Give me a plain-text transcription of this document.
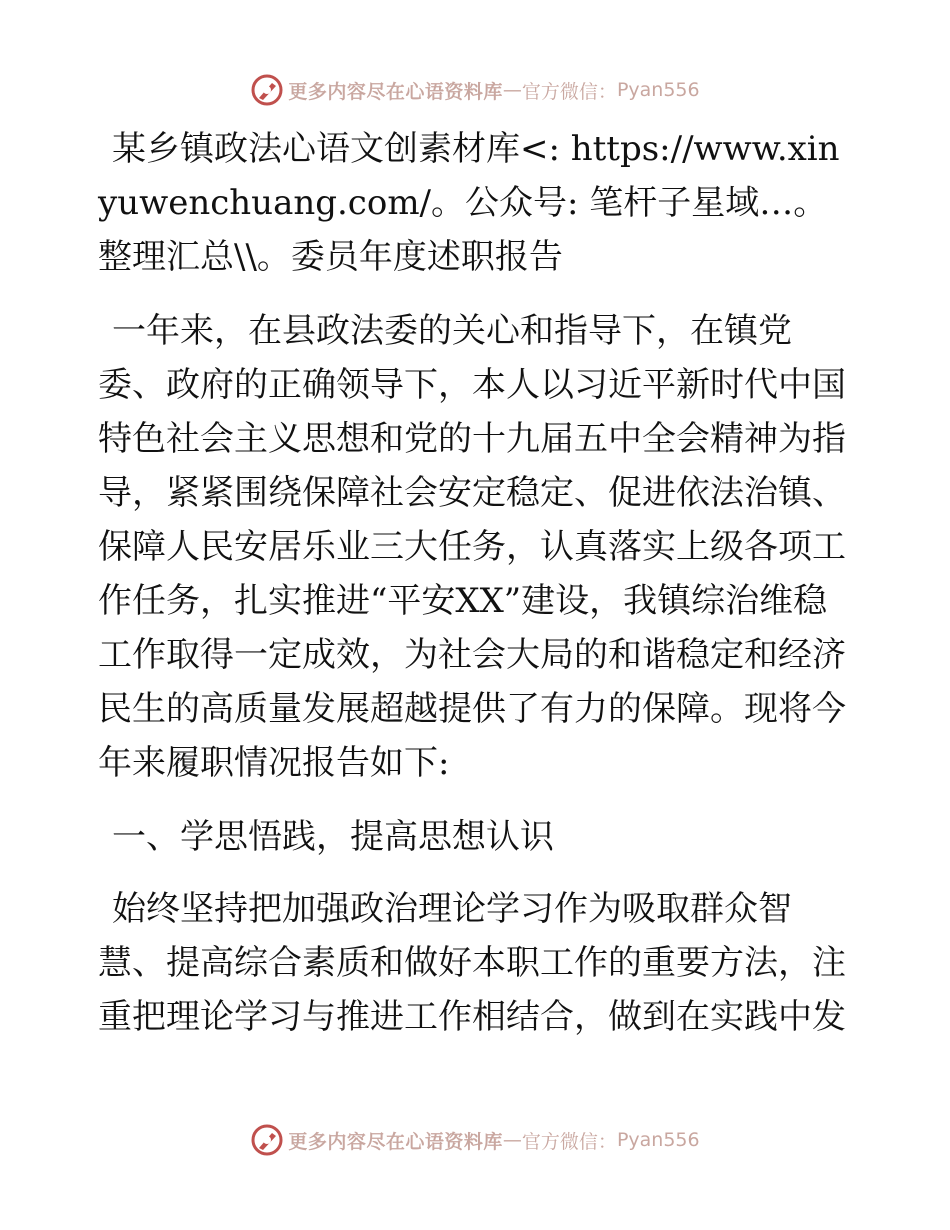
更多内容尽在心语资料库 — 官方微信： Pyan556

某乡镇政法心语文创素材库<: https://www.xinyuwenchuang.com/。公众号: 笔杆子星域…。整理汇总\\。委员年度述职报告

一年来，在县政法委的关心和指导下，在镇党委、政府的正确领导下，本人以习近平新时代中国特色社会主义思想和党的十九届五中全会精神为指导，紧紧围绕保障社会安定稳定、促进依法治镇、保障人民安居乐业三大任务，认真落实上级各项工作任务，扎实推进“平安XX”建设，我镇综治维稳工作取得一定成效，为社会大局的和谐稳定和经济民生的高质量发展超越提供了有力的保障。现将今年来履职情况报告如下:

一、学思悟践，提高思想认识

始终坚持把加强政治理论学习作为吸取群众智慧、提高综合素质和做好本职工作的重要方法，注重把理论学习与推进工作相结合，做到在实践中发

更多内容尽在心语资料库 — 官方微信： Pyan556
